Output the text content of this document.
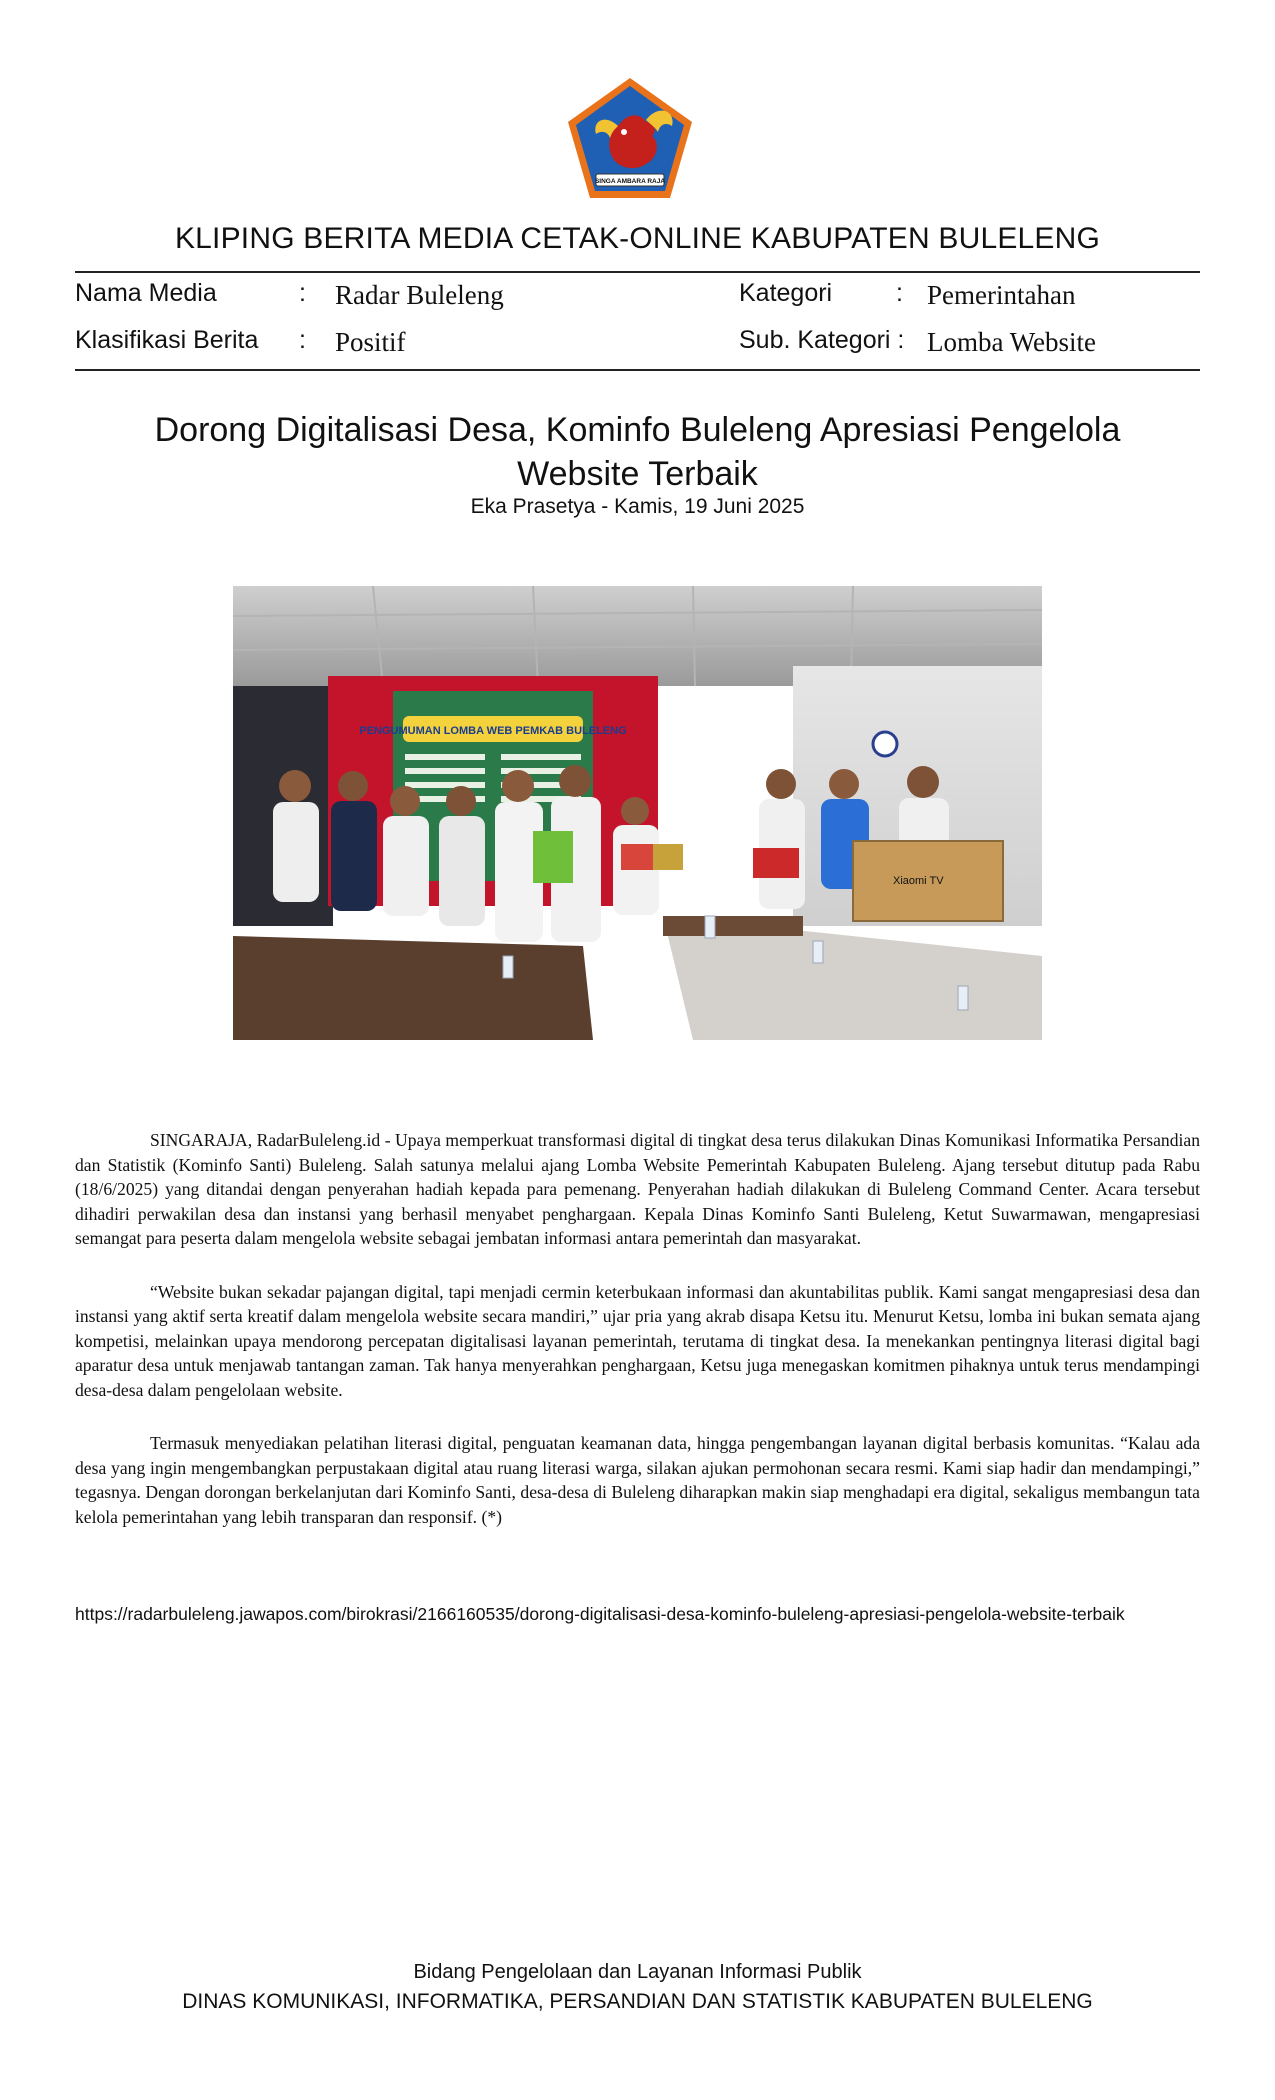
SINGA AMBARA RAJA
KLIPING BERITA MEDIA CETAK-ONLINE KABUPATEN BULELENG
Nama Media	: Radar Buleleng	Kategori	: Pemerintahan
Klasifikasi Berita : Positif	Sub. Kategori : Lomba Website
Dorong Digitalisasi Desa, Kominfo Buleleng Apresiasi Pengelola Website Terbaik
Eka Prasetya - Kamis, 19 Juni 2025
PENGUMUMAN LOMBA WEB PEMKAB BULELENG
Xiaomi TV

SINGARAJA, RadarBuleleng.id - Upaya memperkuat transformasi digital di tingkat desa terus dilakukan Dinas Komunikasi Informatika Persandian dan Statistik (Kominfo Santi) Buleleng. Salah satunya melalui ajang Lomba Website Pemerintah Kabupaten Buleleng. Ajang tersebut ditutup pada Rabu (18/6/2025) yang ditandai dengan penyerahan hadiah kepada para pemenang. Penyerahan hadiah dilakukan di Buleleng Command Center. Acara tersebut dihadiri perwakilan desa dan instansi yang berhasil menyabet penghargaan. Kepala Dinas Kominfo Santi Buleleng, Ketut Suwarmawan, mengapresiasi semangat para peserta dalam mengelola website sebagai jembatan informasi antara pemerintah dan masyarakat.

“Website bukan sekadar pajangan digital, tapi menjadi cermin keterbukaan informasi dan akuntabilitas publik. Kami sangat mengapresiasi desa dan instansi yang aktif serta kreatif dalam mengelola website secara mandiri,” ujar pria yang akrab disapa Ketsu itu. Menurut Ketsu, lomba ini bukan semata ajang kompetisi, melainkan upaya mendorong percepatan digitalisasi layanan pemerintah, terutama di tingkat desa. Ia menekankan pentingnya literasi digital bagi aparatur desa untuk menjawab tantangan zaman. Tak hanya menyerahkan penghargaan, Ketsu juga menegaskan komitmen pihaknya untuk terus mendampingi desa-desa dalam pengelolaan website.

Termasuk menyediakan pelatihan literasi digital, penguatan keamanan data, hingga pengembangan layanan digital berbasis komunitas. “Kalau ada desa yang ingin mengembangkan perpustakaan digital atau ruang literasi warga, silakan ajukan permohonan secara resmi. Kami siap hadir dan mendampingi,” tegasnya. Dengan dorongan berkelanjutan dari Kominfo Santi, desa-desa di Buleleng diharapkan makin siap menghadapi era digital, sekaligus membangun tata kelola pemerintahan yang lebih transparan dan responsif. (*)

https://radarbuleleng.jawapos.com/birokrasi/2166160535/dorong-digitalisasi-desa-kominfo-buleleng-apresiasi-pengelola-website-terbaik
Bidang Pengelolaan dan Layanan Informasi Publik
DINAS KOMUNIKASI, INFORMATIKA, PERSANDIAN DAN STATISTIK KABUPATEN BULELENG
